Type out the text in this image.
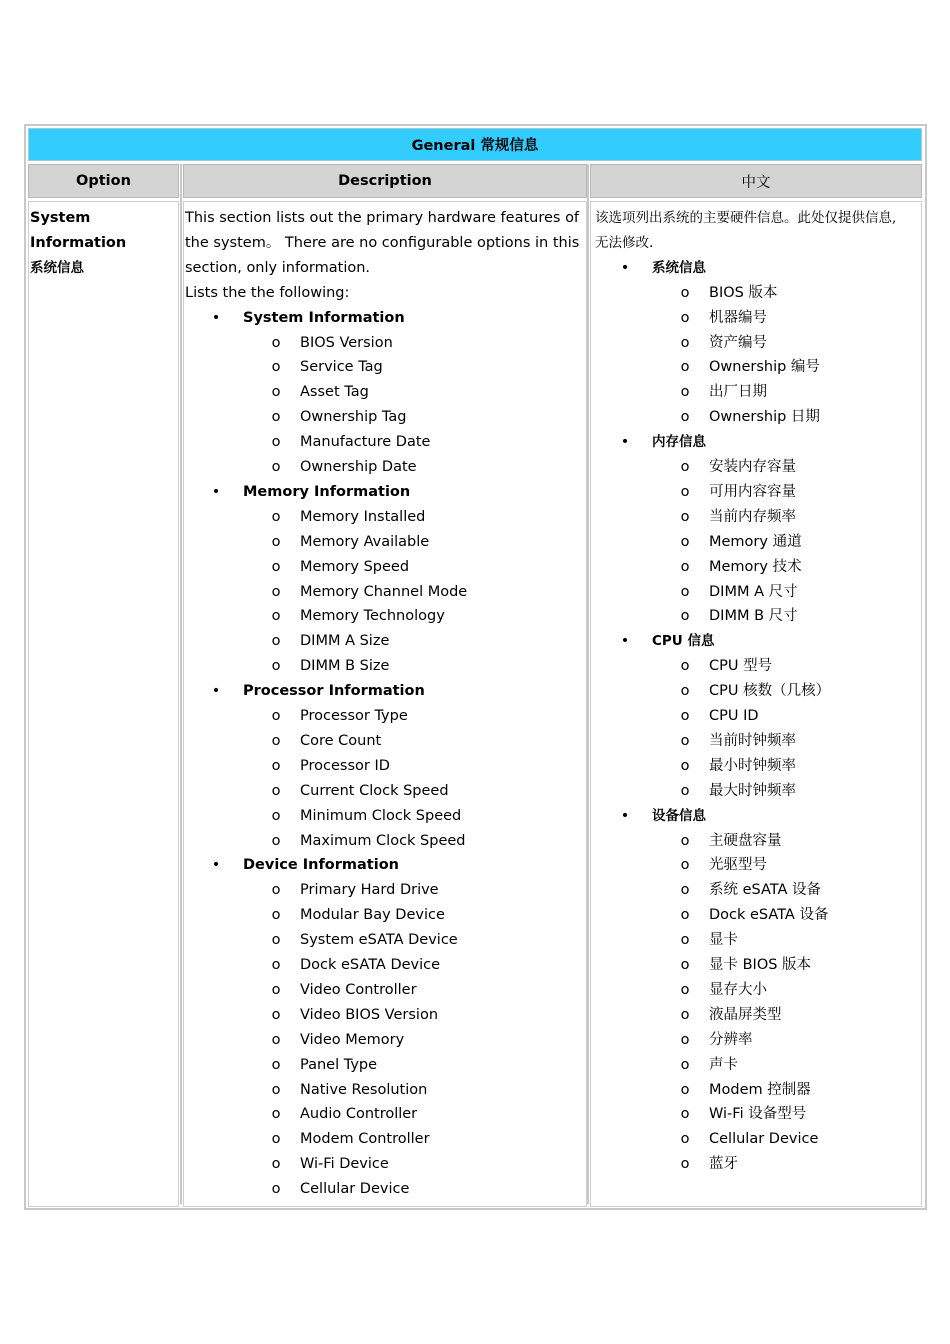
General 常规信息
Option	Description	中文
System
Information
系统信息
This section lists out the primary hardware features of
the system。 There are no configurable options in this
section, only information.
Lists the the following:
• System Information
o BIOS Version
o Service Tag
o Asset Tag
o Ownership Tag
o Manufacture Date
o Ownership Date
• Memory Information
o Memory Installed
o Memory Available
o Memory Speed
o Memory Channel Mode
o Memory Technology
o DIMM A Size
o DIMM B Size
• Processor Information
o Processor Type
o Core Count
o Processor ID
o Current Clock Speed
o Minimum Clock Speed
o Maximum Clock Speed
• Device Information
o Primary Hard Drive
o Modular Bay Device
o System eSATA Device
o Dock eSATA Device
o Video Controller
o Video BIOS Version
o Video Memory
o Panel Type
o Native Resolution
o Audio Controller
o Modem Controller
o Wi-Fi Device
o Cellular Device
该选项列出系统的主要硬件信息。此处仅提供信息,
无法修改.
• 系统信息
o BIOS 版本
o 机器编号
o 资产编号
o Ownership 编号
o 出厂日期
o Ownership 日期
• 内存信息
o 安装内存容量
o 可用内容容量
o 当前内存频率
o Memory 通道
o Memory 技术
o DIMM A 尺寸
o DIMM B 尺寸
• CPU 信息
o CPU 型号
o CPU 核数（几核）
o CPU ID
o 当前时钟频率
o 最小时钟频率
o 最大时钟频率
• 设备信息
o 主硬盘容量
o 光驱型号
o 系统 eSATA 设备
o Dock eSATA 设备
o 显卡
o 显卡 BIOS 版本
o 显存大小
o 液晶屏类型
o 分辨率
o 声卡
o Modem 控制器
o Wi-Fi 设备型号
o Cellular Device
o 蓝牙
